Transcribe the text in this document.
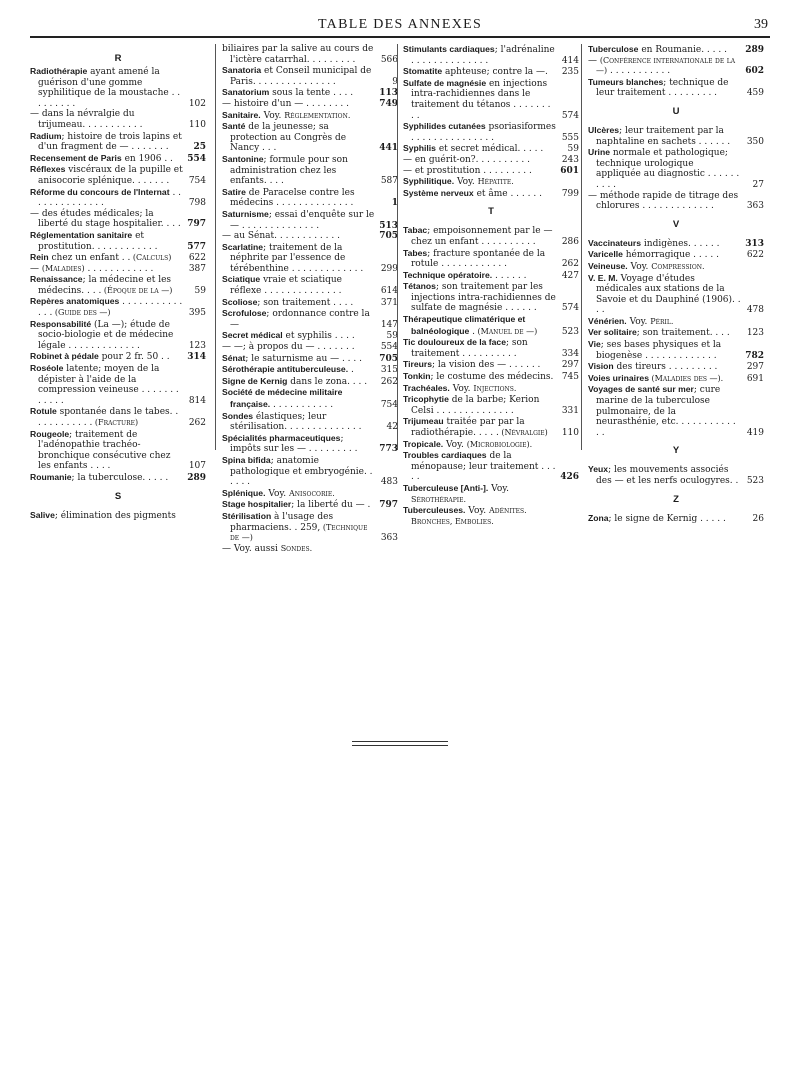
TABLE DES ANNEXES	39
R
Radiothérapie ayant amené la guérison d'une gomme syphilitique de la moustache . . . . . . . . .	102
— dans la névralgie du trijumeau. . . . . . . . . . .	110
Radium; histoire de trois lapins et d'un fragment de — . . . . . . .	25
Recensement de Paris en 1906 . .	554
Réflexes viscéraux de la pupille et anisocorie splénique. . . . . . .	754
Réforme du concours de l'Internat . . . . . . . . . . . . . .	798
— des études médicales; la liberté du stage hospitalier. . . . 797
Réglementation sanitaire et prostitution. . . . . . . . . . . .	577
Rein chez un enfant . . (Calculs)	622
— (Maladies) . . . . . . . . . . . .	387
Renaissance; la médecine et les médecins. . . . (Époque de la —)	59
Repères anatomiques . . . . . . . . . . . . . . (Guide des —)	395
Responsabilité (La —); étude de socio-biologie et de médecine légale . . . . . . . . . . . . .	123
Robinet à pédale pour 2 fr. 50 . .	314
Roséole latente; moyen de la dépister à l'aide de la compression veineuse . . . . . . . . . . . .	814
Rotule spontanée dans le tabes. . . . . . . . . . . . (Fracture)	262
Rougeole; traitement de l'adénopathie trachéo-bronchique consécutive chez les enfants . . . .	107
Roumanie; la tuberculose. . . . .	289
S
Salive; élimination des pigments
biliaires par la salive au cours de l'ictère catarrhal. . . . . . . . .	566
Sanatoria et Conseil municipal de Paris. . . . . . . . . . . . . . .	9
Sanatorium sous la tente . . . .	113
— histoire d'un — . . . . . . . .	749
Sanitaire. Voy. Réglementation.
Santé de la jeunesse; sa protection au Congrès de Nancy . . .	441
Santonine; formule pour son administration chez les enfants. . . .	587
Satire de Paracelse contre les médecins . . . . . . . . . . . . . .	1
Saturnisme; essai d'enquête sur le — . . . . . . . . . . . . . .	513
— au Sénat. . . . . . . . . . . .	705
Scarlatine; traitement de la néphrite par l'essence de térébenthine . . . . . . . . . . . . .	299
Sciatique vraie et sciatique réflexe . . . . . . . . . . . . . .	614
Scoliose; son traitement . . . .	371
Scrofulose; ordonnance contre la —	147
Secret médical et syphilis . . . .	59
— —; à propos du — . . . . . . .	554
Sénat; le saturnisme au — . . . .	705
Sérothérapie antituberculeuse. .	315
Signe de Kernig dans le zona. . . .	262
Société de médecine militaire française. . . . . . . . . . . .	754
Sondes élastiques; leur stérilisation. . . . . . . . . . . . . .	42
Spécialités pharmaceutiques; impôts sur les — . . . . . . . . .	773
Spina bifida; anatomie pathologique et embryogénie. . . . . .	483
Splénique. Voy. Anisocorie.
Stage hospitalier; la liberté du — . 797
Stérilisation à l'usage des pharmaciens. . 259, (Technique de —)	363
— Voy. aussi Sondes.
Stimulants cardiaques; l'adrénaline . . . . . . . . . . . . . .	414
Stomatite aphteuse; contre la —.	235
Sulfate de magnésie en injections intra-rachidiennes dans le traitement du tétanos . . . . . . . . .	574
Syphilides cutanées psoriasiformes . . . . . . . . . . . . . . .	555
Syphilis et secret médical. . . . .	59
— en guérit-on?. . . . . . . . . .	243
— et prostitution . . . . . . . . .	601
Syphilitique. Voy. Hépatite.
Système nerveux et âme . . . . . .	799
T
Tabac; empoisonnement par le — chez un enfant . . . . . . . . . .	286
Tabes; fracture spontanée de la rotule . . . . . . . . . . . .	262
Technique opératoire. . . . . . .	427
Tétanos; son traitement par les injections intra-rachidiennes de sulfate de magnésie . . . . . .	574
Thérapeutique climatérique et balnéologique . (Manuel de —)	523
Tic douloureux de la face; son traitement . . . . . . . . . .	334
Tireurs; la vision des — . . . . . .	297
Tonkin; le costume des médecins. 745
Trachéales. Voy. Injections.
Tricophytie de la barbe; Kerion Celsi . . . . . . . . . . . . . .	331
Trijumeau traitée par par la radiothérapie. . . . . (Névralgie)	110
Tropicale. Voy. (Microbiologie).
Troubles cardiaques de la ménopause; leur traitement . . . . .	426
Tuberculeuse [Anti-]. Voy. Sérothérapie.
Tuberculeuses. Voy. Adénites. Bronches, Embolies.
Tuberculose en Roumanie. . . . .	289
— (Conférence internationale de la —) . . . . . . . . . . .	602
Tumeurs blanches; technique de leur traitement . . . . . . . . .	459
U
Ulcères; leur traitement par la naphtaline en sachets . . . . . .	350
Urine normale et pathologique; technique urologique appliquée au diagnostic . . . . . . . . . .	27
— méthode rapide de titrage des chlorures . . . . . . . . . . . . .	363
V
Vaccinateurs indigènes. . . . . .	313
Varicelle hémorragique . . . . .	622
Veineuse. Voy. Compression.
V. E. M. Voyage d'études médicales aux stations de la Savoie et du Dauphiné (1906). . . .	478
Vénérien. Voy. Péril.
Ver solitaire; son traitement. . . .	123
Vie; ses bases physiques et la biogenèse . . . . . . . . . . . . .	782
Vision des tireurs . . . . . . . . .	297
Voies urinaires (Maladies des —).	691
Voyages de santé sur mer; cure marine de la tuberculose pulmonaire, de la neurasthénie, etc. . . . . . . . . . . . .	419
Y
Yeux; les mouvements associés des — et les nerfs oculogyres. . 523
Z
Zona; le signe de Kernig . . . . .	26
